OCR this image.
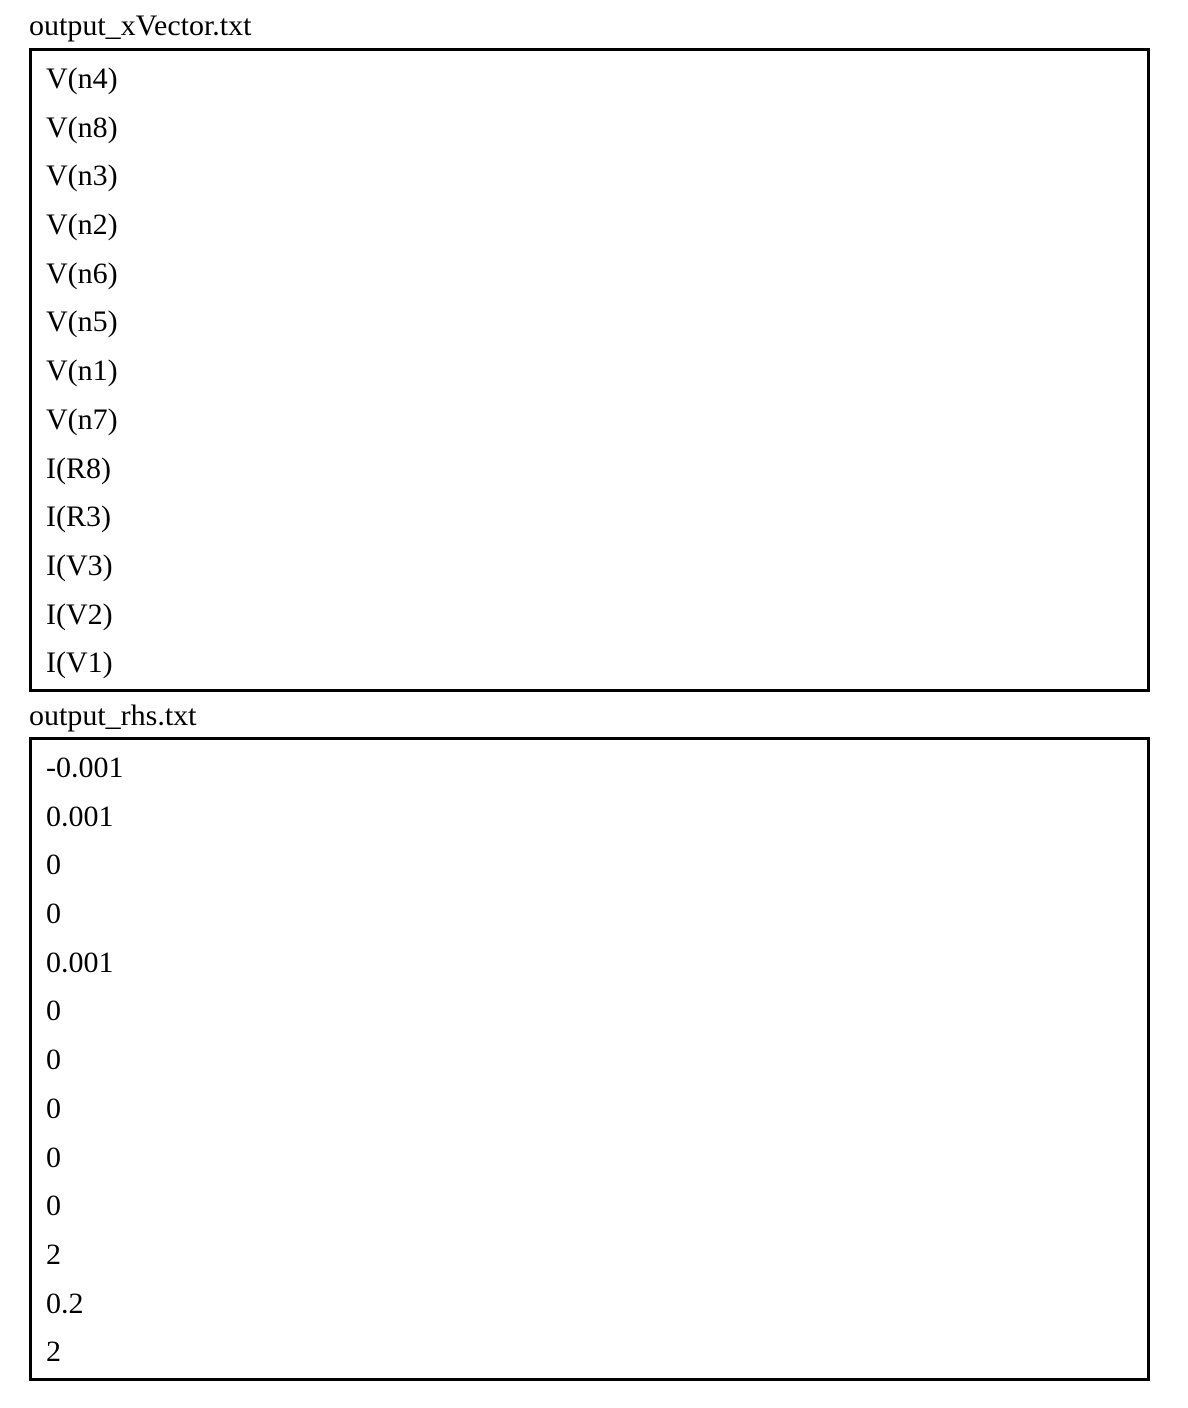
output_xVector.txt
V(n4)
V(n8)
V(n3)
V(n2)
V(n6)
V(n5)
V(n1)
V(n7)
I(R8)
I(R3)
I(V3)
I(V2)
I(V1)
output_rhs.txt
-0.001
0.001
0
0
0.001
0
0
0
0
0
2
0.2
2
